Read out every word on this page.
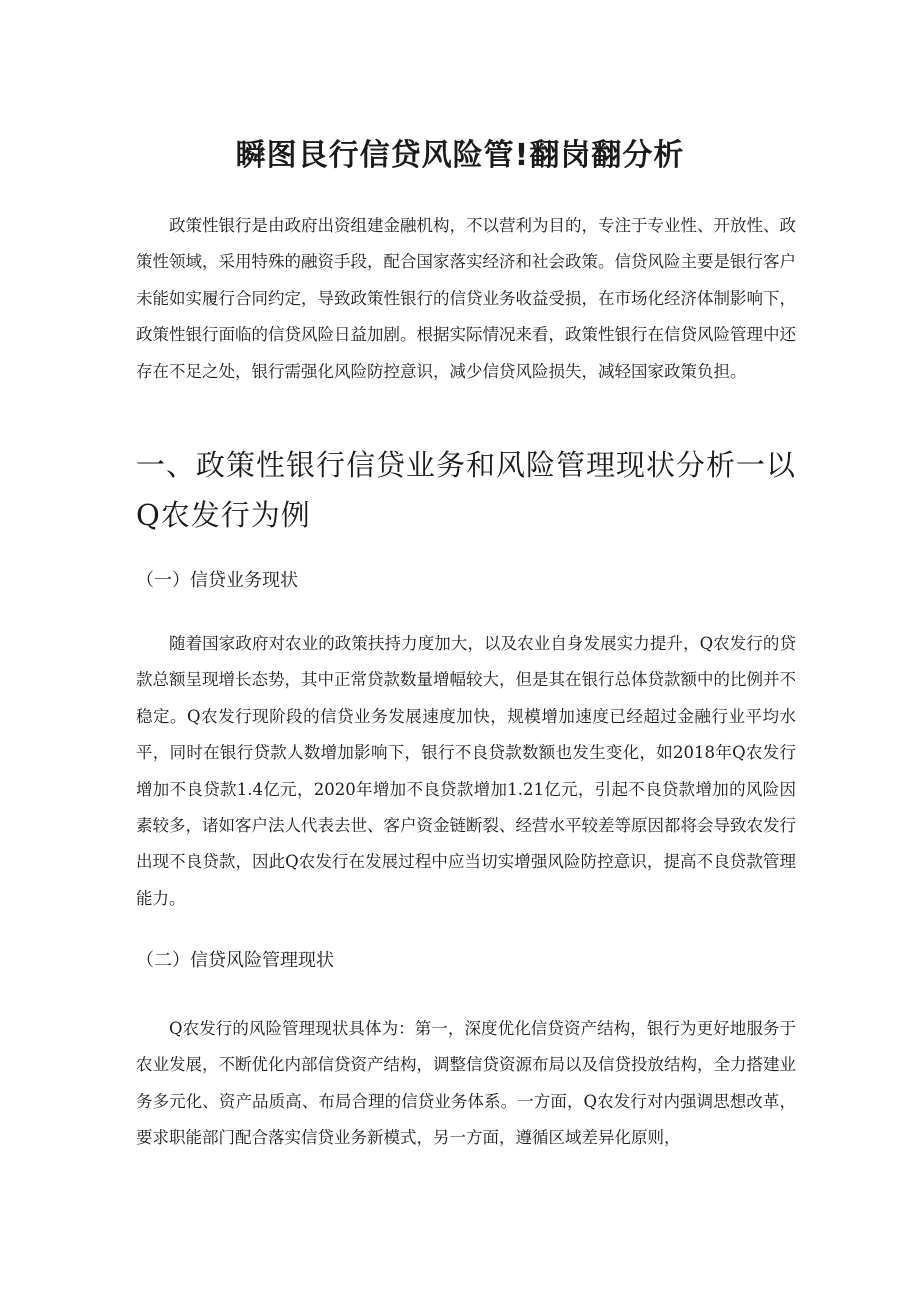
瞬图艮行信贷风险管!翻岗翻分析

政策性银行是由政府出资组建金融机构，不以营利为目的，专注于专业性、开放性、政策性领域，采用特殊的融资手段，配合国家落实经济和社会政策。信贷风险主要是银行客户未能如实履行合同约定，导致政策性银行的信贷业务收益受损，在市场化经济体制影响下，政策性银行面临的信贷风险日益加剧。根据实际情况来看，政策性银行在信贷风险管理中还存在不足之处，银行需强化风险防控意识，减少信贷风险损失，减轻国家政策负担。

一、政策性银行信贷业务和风险管理现状分析一以Q农发行为例
（一）信贷业务现状

随着国家政府对农业的政策扶持力度加大，以及农业自身发展实力提升，Q农发行的贷款总额呈现增长态势，其中正常贷款数量增幅较大，但是其在银行总体贷款额中的比例并不稳定。Q农发行现阶段的信贷业务发展速度加快，规模增加速度已经超过金融行业平均水平，同时在银行贷款人数增加影响下，银行不良贷款数额也发生变化，如2018年Q农发行增加不良贷款1.4亿元，2020年增加不良贷款增加1.21亿元，引起不良贷款增加的风险因素较多，诸如客户法人代表去世、客户资金链断裂、经营水平较差等原因都将会导致农发行出现不良贷款，因此Q农发行在发展过程中应当切实增强风险防控意识，提高不良贷款管理能力。

（二）信贷风险管理现状

Q农发行的风险管理现状具体为：第一，深度优化信贷资产结构，银行为更好地服务于农业发展，不断优化内部信贷资产结构，调整信贷资源布局以及信贷投放结构，全力搭建业务多元化、资产品质高、布局合理的信贷业务体系。一方面，Q农发行对内强调思想改革，要求职能部门配合落实信贷业务新模式，另一方面，遵循区域差异化原则，
